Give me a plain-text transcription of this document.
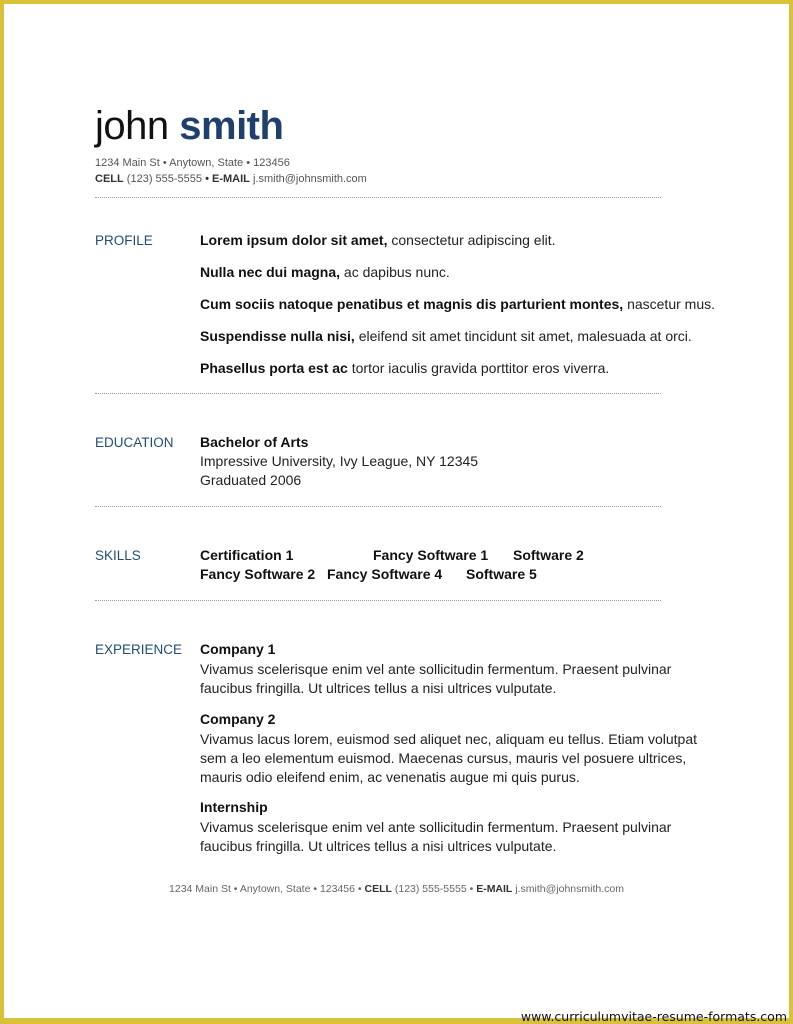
john smith
1234 Main St • Anytown, State • 123456
CELL (123) 555-5555 • E-MAIL j.smith@johnsmith.com
PROFILE	Lorem ipsum dolor sit amet, consectetur adipiscing elit.
Nulla nec dui magna, ac dapibus nunc.
Cum sociis natoque penatibus et magnis dis parturient montes, nascetur mus.
Suspendisse nulla nisi, eleifend sit amet tincidunt sit amet, malesuada at orci.
Phasellus porta est ac tortor iaculis gravida porttitor eros viverra.
EDUCATION Bachelor of Arts
Impressive University, Ivy League, NY 12345
Graduated 2006
SKILLS	Certification 1	Fancy Software 1 Software 2
Fancy Software 2 Fancy Software 4 Software 5
EXPERIENCE Company 1
Vivamus scelerisque enim vel ante sollicitudin fermentum. Praesent pulvinar faucibus fringilla. Ut ultrices tellus a nisi ultrices vulputate.
Company 2
Vivamus lacus lorem, euismod sed aliquet nec, aliquam eu tellus. Etiam volutpat sem a leo elementum euismod. Maecenas cursus, mauris vel posuere ultrices, mauris odio eleifend enim, ac venenatis augue mi quis purus.
Internship
Vivamus scelerisque enim vel ante sollicitudin fermentum. Praesent pulvinar faucibus fringilla. Ut ultrices tellus a nisi ultrices vulputate.
1234 Main St • Anytown, State • 123456 • CELL (123) 555-5555 • E-MAIL j.smith@johnsmith.com
www.curriculumvitae-resume-formats.com
